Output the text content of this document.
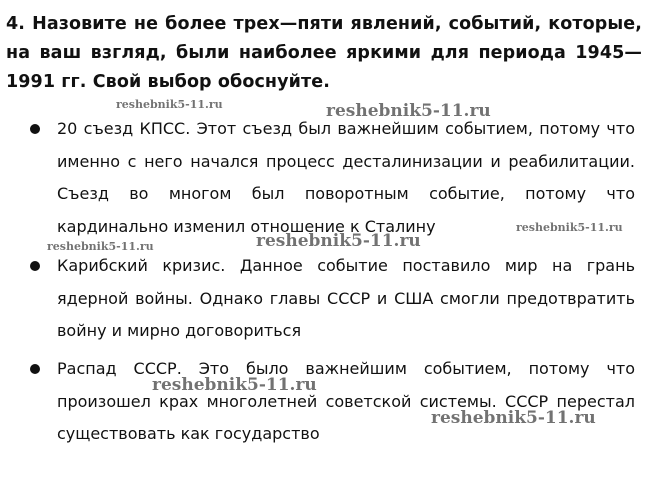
4. Назовите не более трех—пяти явлений, событий, которые, на ваш взгляд, были наиболее яркими для периода 1945—1991 гг. Свой выбор обоснуйте.
20 съезд КПСС. Этот съезд был важнейшим событием, потому что именно с него начался процесс десталинизации и реабилитации. Съезд во многом был поворотным событие, потому что кардинально изменил отношение к Сталину
Карибский кризис. Данное событие поставило мир на грань ядерной войны. Однако главы СССР и США смогли предотвратить войну и мирно договориться
Распад СССР. Это было важнейшим событием, потому что произошел крах многолетней советской системы. СССР перестал существовать как государство
reshebnik5-11.ru	reshebnik5-11.ru
reshebnik5-11.ru
reshebnik5-11.ru	reshebnik5-11.ru
reshebnik5-11.ru
reshebnik5-11.ru
